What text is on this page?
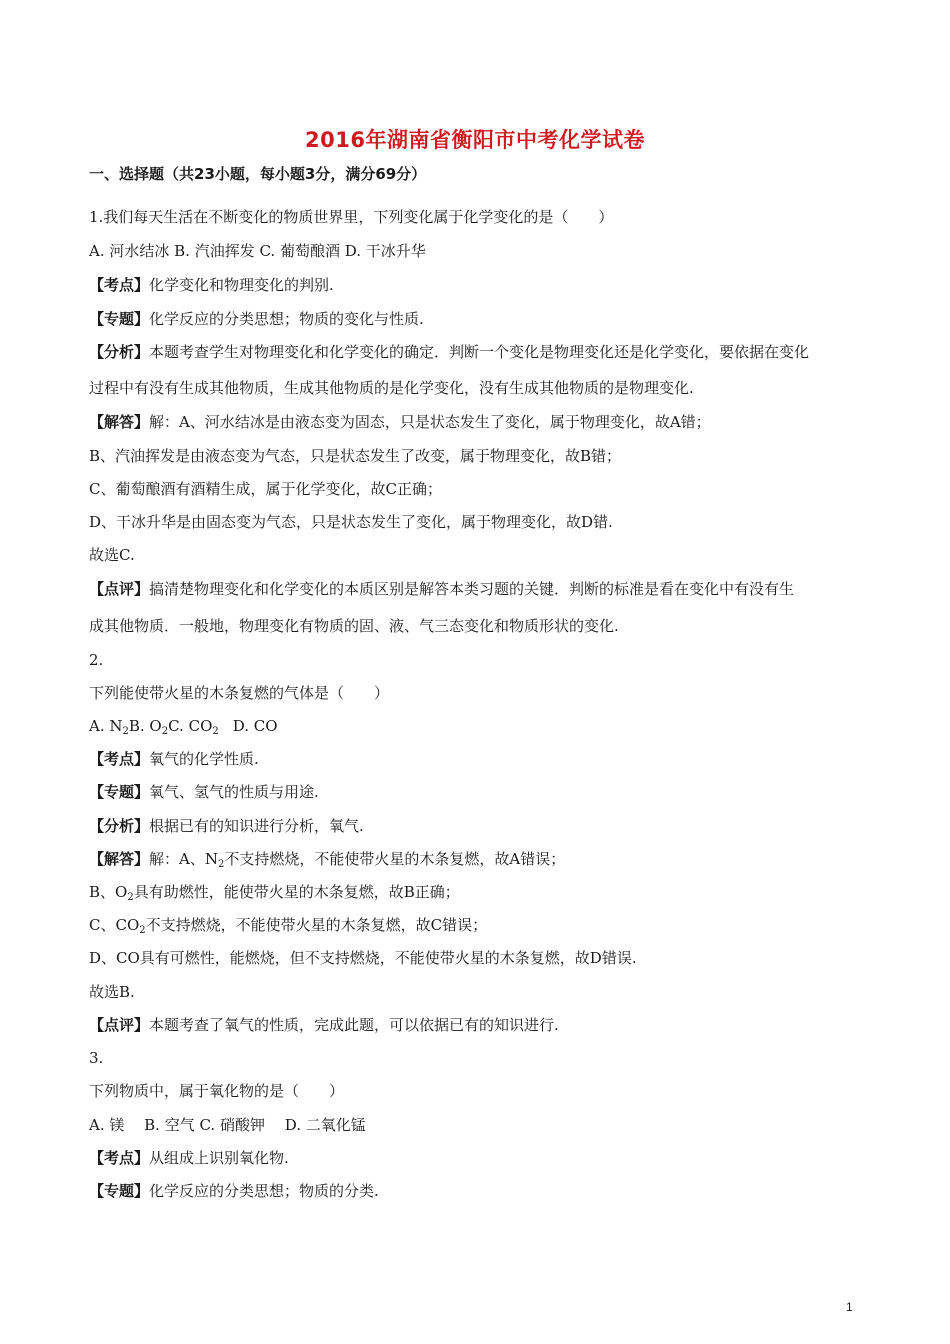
2016年湖南省衡阳市中考化学试卷
一、选择题（共23小题，每小题3分，满分69分）
1.我们每天生活在不断变化的物质世界里，下列变化属于化学变化的是（　　）
A. 河水结冰 B. 汽油挥发 C. 葡萄酿酒 D. 干冰升华
【考点】化学变化和物理变化的判别.
【专题】化学反应的分类思想；物质的变化与性质.
【分析】本题考查学生对物理变化和化学变化的确定．判断一个变化是物理变化还是化学变化，要依据在变化
过程中有没有生成其他物质，生成其他物质的是化学变化，没有生成其他物质的是物理变化.
【解答】解：A、河水结冰是由液态变为固态，只是状态发生了变化，属于物理变化，故A错；
B、汽油挥发是由液态变为气态，只是状态发生了改变，属于物理变化，故B错；
C、葡萄酿酒有酒精生成，属于化学变化，故C正确；
D、干冰升华是由固态变为气态，只是状态发生了变化，属于物理变化，故D错.
故选C.
【点评】搞清楚物理变化和化学变化的本质区别是解答本类习题的关键．判断的标准是看在变化中有没有生
成其他物质．一般地，物理变化有物质的固、液、气三态变化和物质形状的变化.
2.
下列能使带火星的木条复燃的气体是（　　）
A. $N_2B$. $O_2C$. $CO_2$ D. CO
【考点】氧气的化学性质.
【专题】氧气、氢气的性质与用途.
【分析】根据已有的知识进行分析，氧气.
【解答】解：A、$N_2$不支持燃烧，不能使带火星的木条复燃，故A错误；
B、$O_2$具有助燃性，能使带火星的木条复燃，故B正确；
C、$CO_2$不支持燃烧，不能使带火星的木条复燃，故C错误；
D、CO具有可燃性，能燃烧，但不支持燃烧，不能使带火星的木条复燃，故D错误.
故选B.
【点评】本题考查了氧气的性质，完成此题，可以依据已有的知识进行.
3.
下列物质中，属于氧化物的是（　　）
A. 镁　 B. 空气 C. 硝酸钾　 D. 二氧化锰
【考点】从组成上识别氧化物.
【专题】化学反应的分类思想；物质的分类.
1
